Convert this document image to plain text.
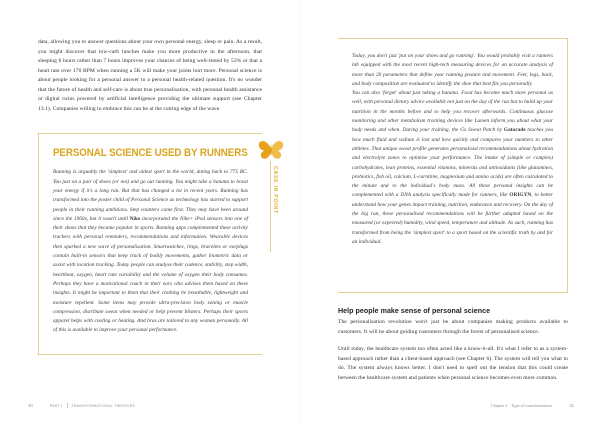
data, allowing you to answer questions about your own personal energy, sleep or pain. As a result, you might discover that low-carb lunches make you more productive in the afternoon, that sleeping 8 hours rather than 7 hours improves your chances of being well-rested by 53% or that a heart rate over 170 BPM when running a 5K will make your joints hurt more. Personal science is about people looking for a personal answer to a personal health-related question. It's no wonder that the future of health and self-care is about true personalisation, with personal health assistance or digital twins powered by artificial intelligence providing the ultimate support (see Chapter 13.1). Companies willing to embrace this can be at the cutting edge of the wave.

PERSONAL SCIENCE USED BY RUNNERS

Running is arguably the 'simplest' and oldest sport in the world, dating back to 775 BC. You just on a pair of shoes (or not) and go out running. You might take a banana to boost your energy if it's a long run. But that has changed a lot in recent years. Running has transformed into the poster child of Personal Science as technology has started to support people in their running ambitions. Step counters came first. They may have been around since the 1960s, but it wasn't until Nike incorporated the Nike+ iPod sensors into one of their shoes that they became popular in sports. Running apps complemented these activity trackers with personal reminders, recommendations and information. Wearable devices then sparked a new wave of personalisation. Smartwatches, rings, bracelets or earplugs contain built-in sensors that keep track of bodily movements, gather biometric data or assist with location tracking. Today people can analyse their cadence, stability, step width, heartbeat, oxygen, heart rate variability and the volume of oxygen their body consumes. Perhaps they have a motivational coach in their ears who advises them based on these insights. It might be important to them that their clothing be breathable, lightweight and moisture repellent. Some items may provide ultra-precision body zoning or muscle compression, distribute sweat when needed or help prevent blisters. Perhaps their sports apparel helps with cooling or heating. And bras are tailored to any woman personally. All of this is available to improve your personal performance.

CASE IN POINT
30	PART I	TRANSFORMATIONAL TWENTIES

Today, you don't just 'put on your shoes and go running'. You would probably visit a runners lab equipped with the most recent high-tech measuring devices for an accurate analysis of more than 20 parameters that define your running posture and movement. Feet, legs, back, and body composition are evaluated to identify the shoe that best fits you personally.

You can also 'forget' about just taking a banana. Food has become much more personal as well, with personal dietary advice available not just on the day of the run but to build up your nutrition in the months before and to help you recover afterwards. Continuous glucose monitoring and other metabolism tracking devices like Lumen inform you about what your body needs and when. During your training, the Gx Sweat Patch by Gatorade teaches you how much fluid and sodium is lost and how quickly and compares your numbers to other athletes. That unique sweat profile generates personalised recommendations about hydration and electrolyte zones to optimise your performance. The intake of (simple or complex) carbohydrates, lean proteins, essential vitamins, minerals and antioxidants (like glutamines, probiotics, fish oil, calcium, L-carnitine, magnesium and amino acids) are often calculated to the minute and to the individual's body mass. All these personal insights can be complemented with a DNA analysis specifically made for runners, like ORIGYN, to better understand how your genes impact training, nutrition, endurance and recovery. On the day of the big run, these personalised recommendations will be further adapted based on the measured (or expected) humidity, wind speed, temperature and altitude. As such, running has transformed from being the 'simplest sport' to a sport based on the scientific truth by and for an individual.

Help people make sense of personal science

The personalisation revolution won't just be about companies making products available to customers. It will be about guiding customers through the forest of personalised science.

Until today, the healthcare system too often acted like a know-it-all. It's what I refer to as a system-based approach rather than a client-based approach (see Chapter 6). The system will tell you what to do. The system always knows better. I don't need to spell out the tension that this could create between the healthcare system and patients when personal science becomes even more common.

Chapter 2 · Type of transformations	31
